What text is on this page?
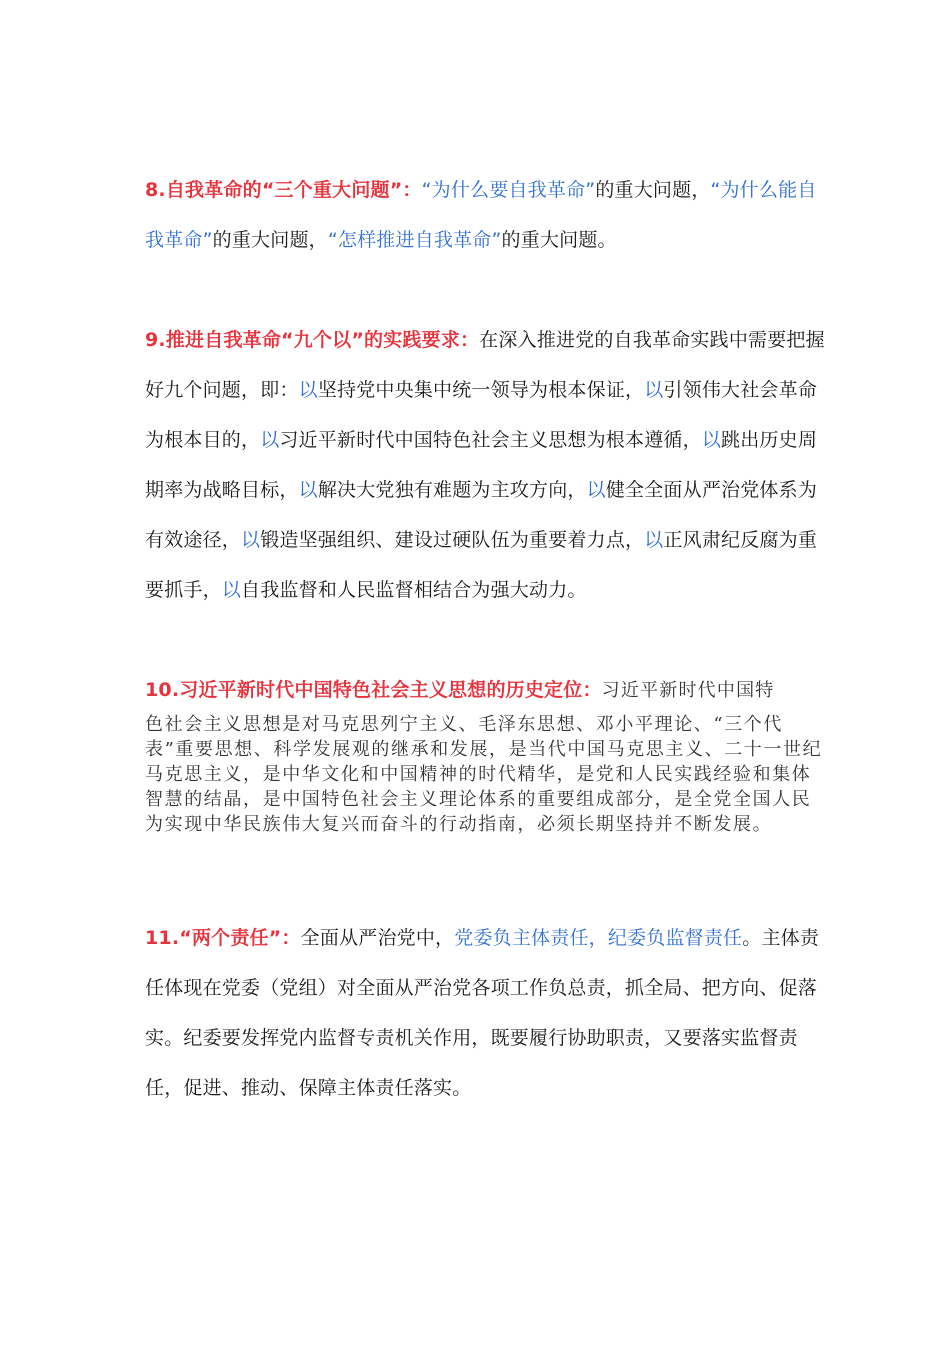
8.自我革命的“三个重大问题”：“为什么要自我革命”的重大问题，“为什么能自我革命”的重大问题，“怎样推进自我革命”的重大问题。

9.推进自我革命“九个以”的实践要求：在深入推进党的自我革命实践中需要把握好九个问题，即：以坚持党中央集中统一领导为根本保证，以引领伟大社会革命为根本目的，以习近平新时代中国特色社会主义思想为根本遵循，以跳出历史周期率为战略目标，以解决大党独有难题为主攻方向，以健全全面从严治党体系为有效途径，以锻造坚强组织、建设过硬队伍为重要着力点，以正风肃纪反腐为重要抓手，以自我监督和人民监督相结合为强大动力。

10.习近平新时代中国特色社会主义思想的历史定位：习近平新时代中国特

色社会主义思想是对马克思列宁主义、毛泽东思想、邓小平理论、“三个代表”重要思想、科学发展观的继承和发展，是当代中国马克思主义、二十一世纪马克思主义，是中华文化和中国精神的时代精华，是党和人民实践经验和集体智慧的结晶，是中国特色社会主义理论体系的重要组成部分，是全党全国人民为实现中华民族伟大复兴而奋斗的行动指南，必须长期坚持并不断发展。

11.“两个责任”：全面从严治党中，党委负主体责任，纪委负监督责任。主体责任体现在党委（党组）对全面从严治党各项工作负总责，抓全局、把方向、促落实。纪委要发挥党内监督专责机关作用，既要履行协助职责，又要落实监督责任，促进、推动、保障主体责任落实。
